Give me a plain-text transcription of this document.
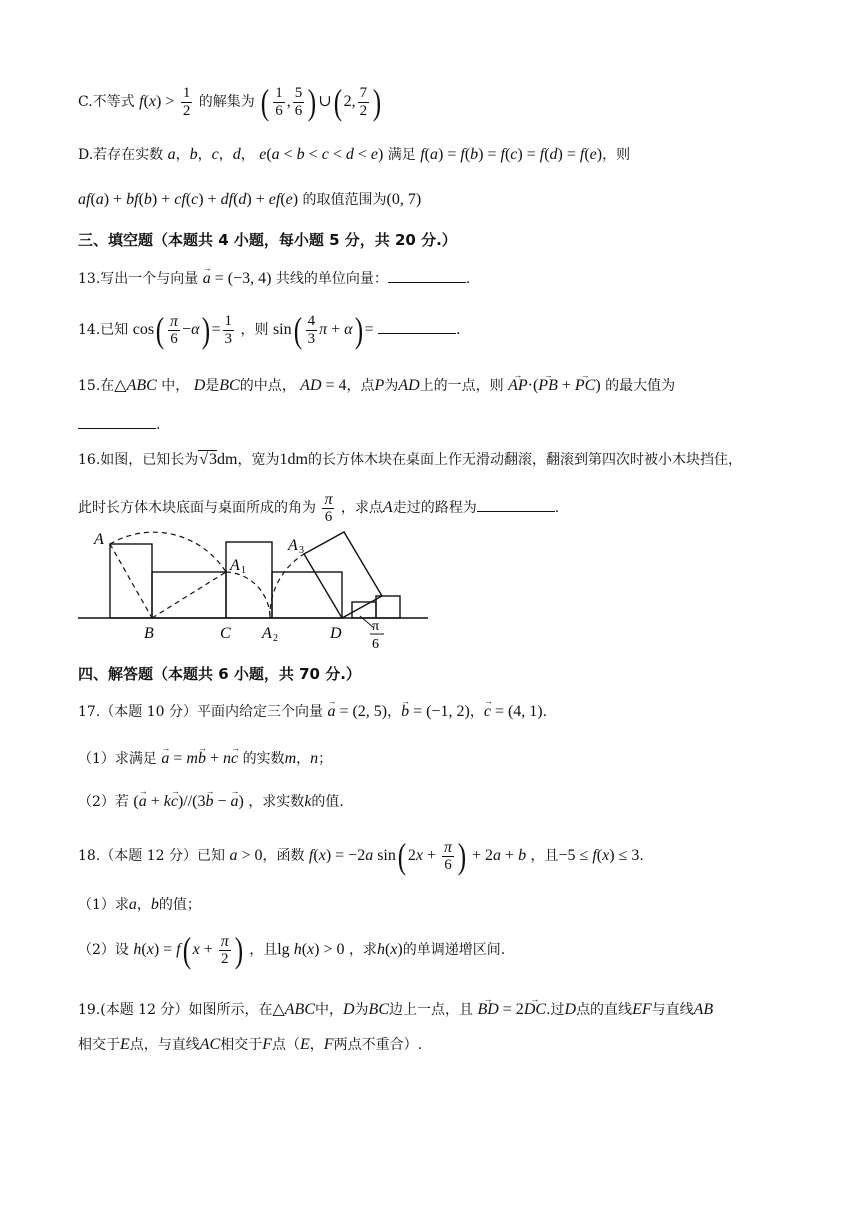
C.不等式 $f(x) > \frac{1}{2}$ 的解集为 ( $\frac{1}{6}$ , $\frac{5}{6}$ ) ∪( 2, $\frac{7}{2}$ )
D.若存在实数 a，b，c，d， e(a < b < c < d < e) 满足 f(a) = f(b) = f(c) = f(d) = f(e)，则
af(a) + bf(b) + cf(c) + df(d) + ef(e) 的取值范围为(0, 7)
三、填空题（本题共 4 小题，每小题 5 分，共 20 分.）
13.写出一个与向量 → a = (−3, 4) 共线的单位向量：	.
14.已知 $\cos( \frac{\pi}{6} -\alpha) = \frac{1}{3}$ ，则 $\sin( \frac{4}{3}$ π + α) =	.
15.在△ABC 中， D是BC的中点， AD = 4，点P为AD上的一点，则 → AP·(→ PB + → PC) 的最大值为
.
16.如图，已知长为√3dm，宽为1dm的长方体木块在桌面上作无滑动翻滚，翻滚到第四次时被小木块挡住，
此时长方体木块底面与桌面所成的角为 $\frac{\pi}{6}$ ，求点A走过的路程为	.
A
B	C
A 1
A 2	D
A 3
π
6
四、解答题（本题共 6 小题，共 70 分.）
17.（本题 10 分）平面内给定三个向量 → a = (2, 5)，→ b = (−1, 2)，→ c = (4, 1).
（1）求满足 → a = m→ b + n→ c 的实数m，n；
（2）若 (→ a + k→ c)//(3→ b − → a) ，求实数k的值.
18.（本题 12 分）已知 a > 0，函数 f(x) = −2a sin( $2x + \frac{\pi}{6}$ ) + 2a + b ，且−5 ≤ f(x) ≤ 3.
（1）求a，b的值；
（2）设 h(x) = f( $x + \frac{\pi}{2}$ ) ，且lg h(x) > 0 ，求h(x)的单调递增区间.
19.(本题 12 分）如图所示，在△ABC中，D为BC边上一点，且 → BD = 2→ DC.过D点的直线EF与直线AB
相交于E点，与直线AC相交于F点（E，F两点不重合）.
